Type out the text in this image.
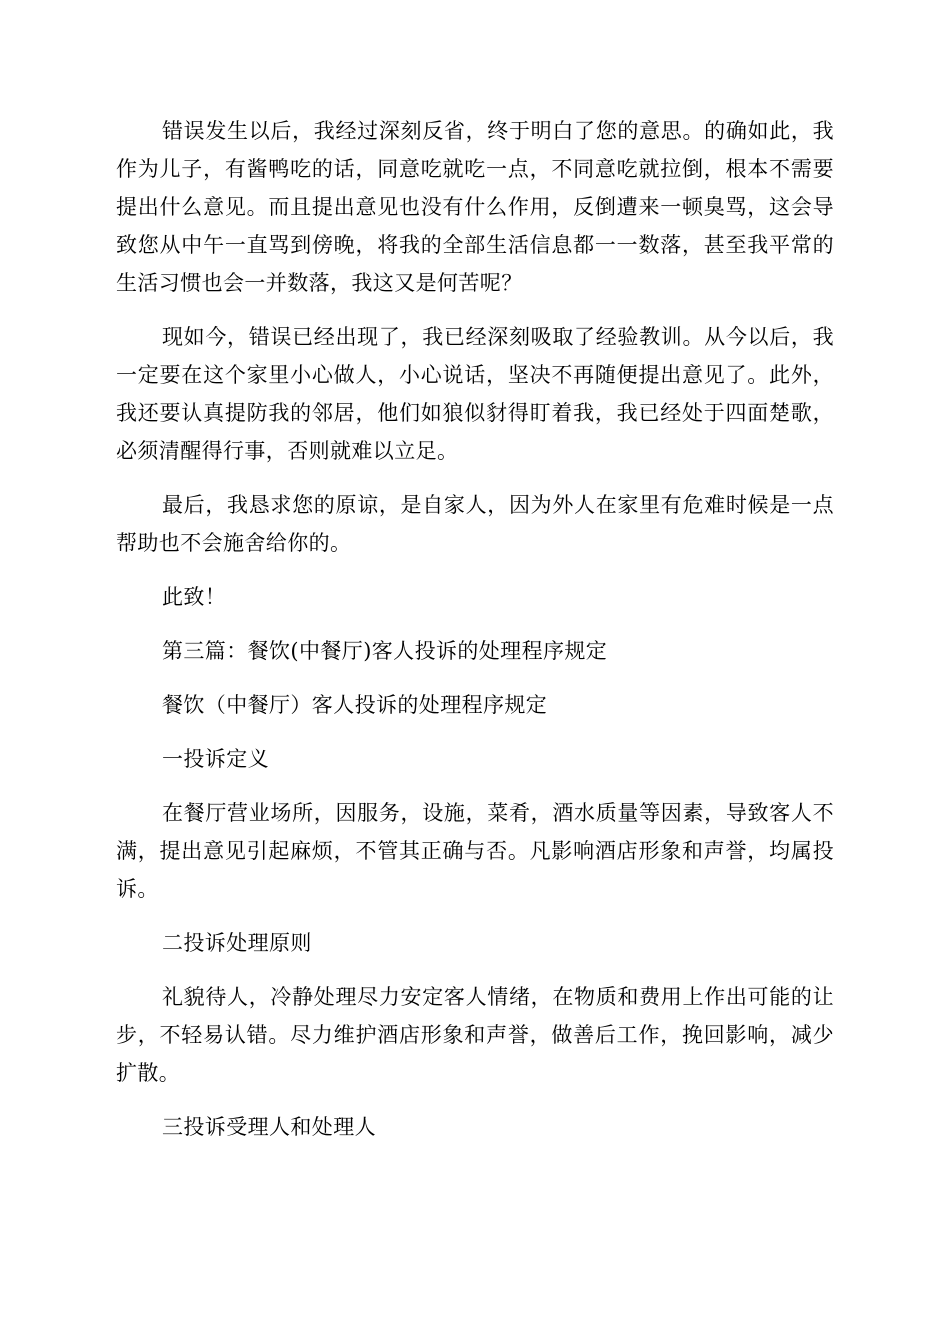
错误发生以后，我经过深刻反省，终于明白了您的意思。的确如此，我作为儿子，有酱鸭吃的话，同意吃就吃一点，不同意吃就拉倒，根本不需要提出什么意见。而且提出意见也没有什么作用，反倒遭来一顿臭骂，这会导致您从中午一直骂到傍晚，将我的全部生活信息都一一数落，甚至我平常的生活习惯也会一并数落，我这又是何苦呢？

现如今，错误已经出现了，我已经深刻吸取了经验教训。从今以后，我一定要在这个家里小心做人，小心说话，坚决不再随便提出意见了。此外，我还要认真提防我的邻居，他们如狼似豺得盯着我，我已经处于四面楚歌，必须清醒得行事，否则就难以立足。

最后，我恳求您的原谅，是自家人，因为外人在家里有危难时候是一点帮助也不会施舍给你的。

此致！

第三篇：餐饮(中餐厅)客人投诉的处理程序规定

餐饮（中餐厅）客人投诉的处理程序规定

一投诉定义

在餐厅营业场所，因服务，设施，菜肴，酒水质量等因素，导致客人不满，提出意见引起麻烦，不管其正确与否。凡影响酒店形象和声誉，均属投诉。

二投诉处理原则

礼貌待人，冷静处理尽力安定客人情绪，在物质和费用上作出可能的让步，不轻易认错。尽力维护酒店形象和声誉，做善后工作，挽回影响，减少扩散。

三投诉受理人和处理人
